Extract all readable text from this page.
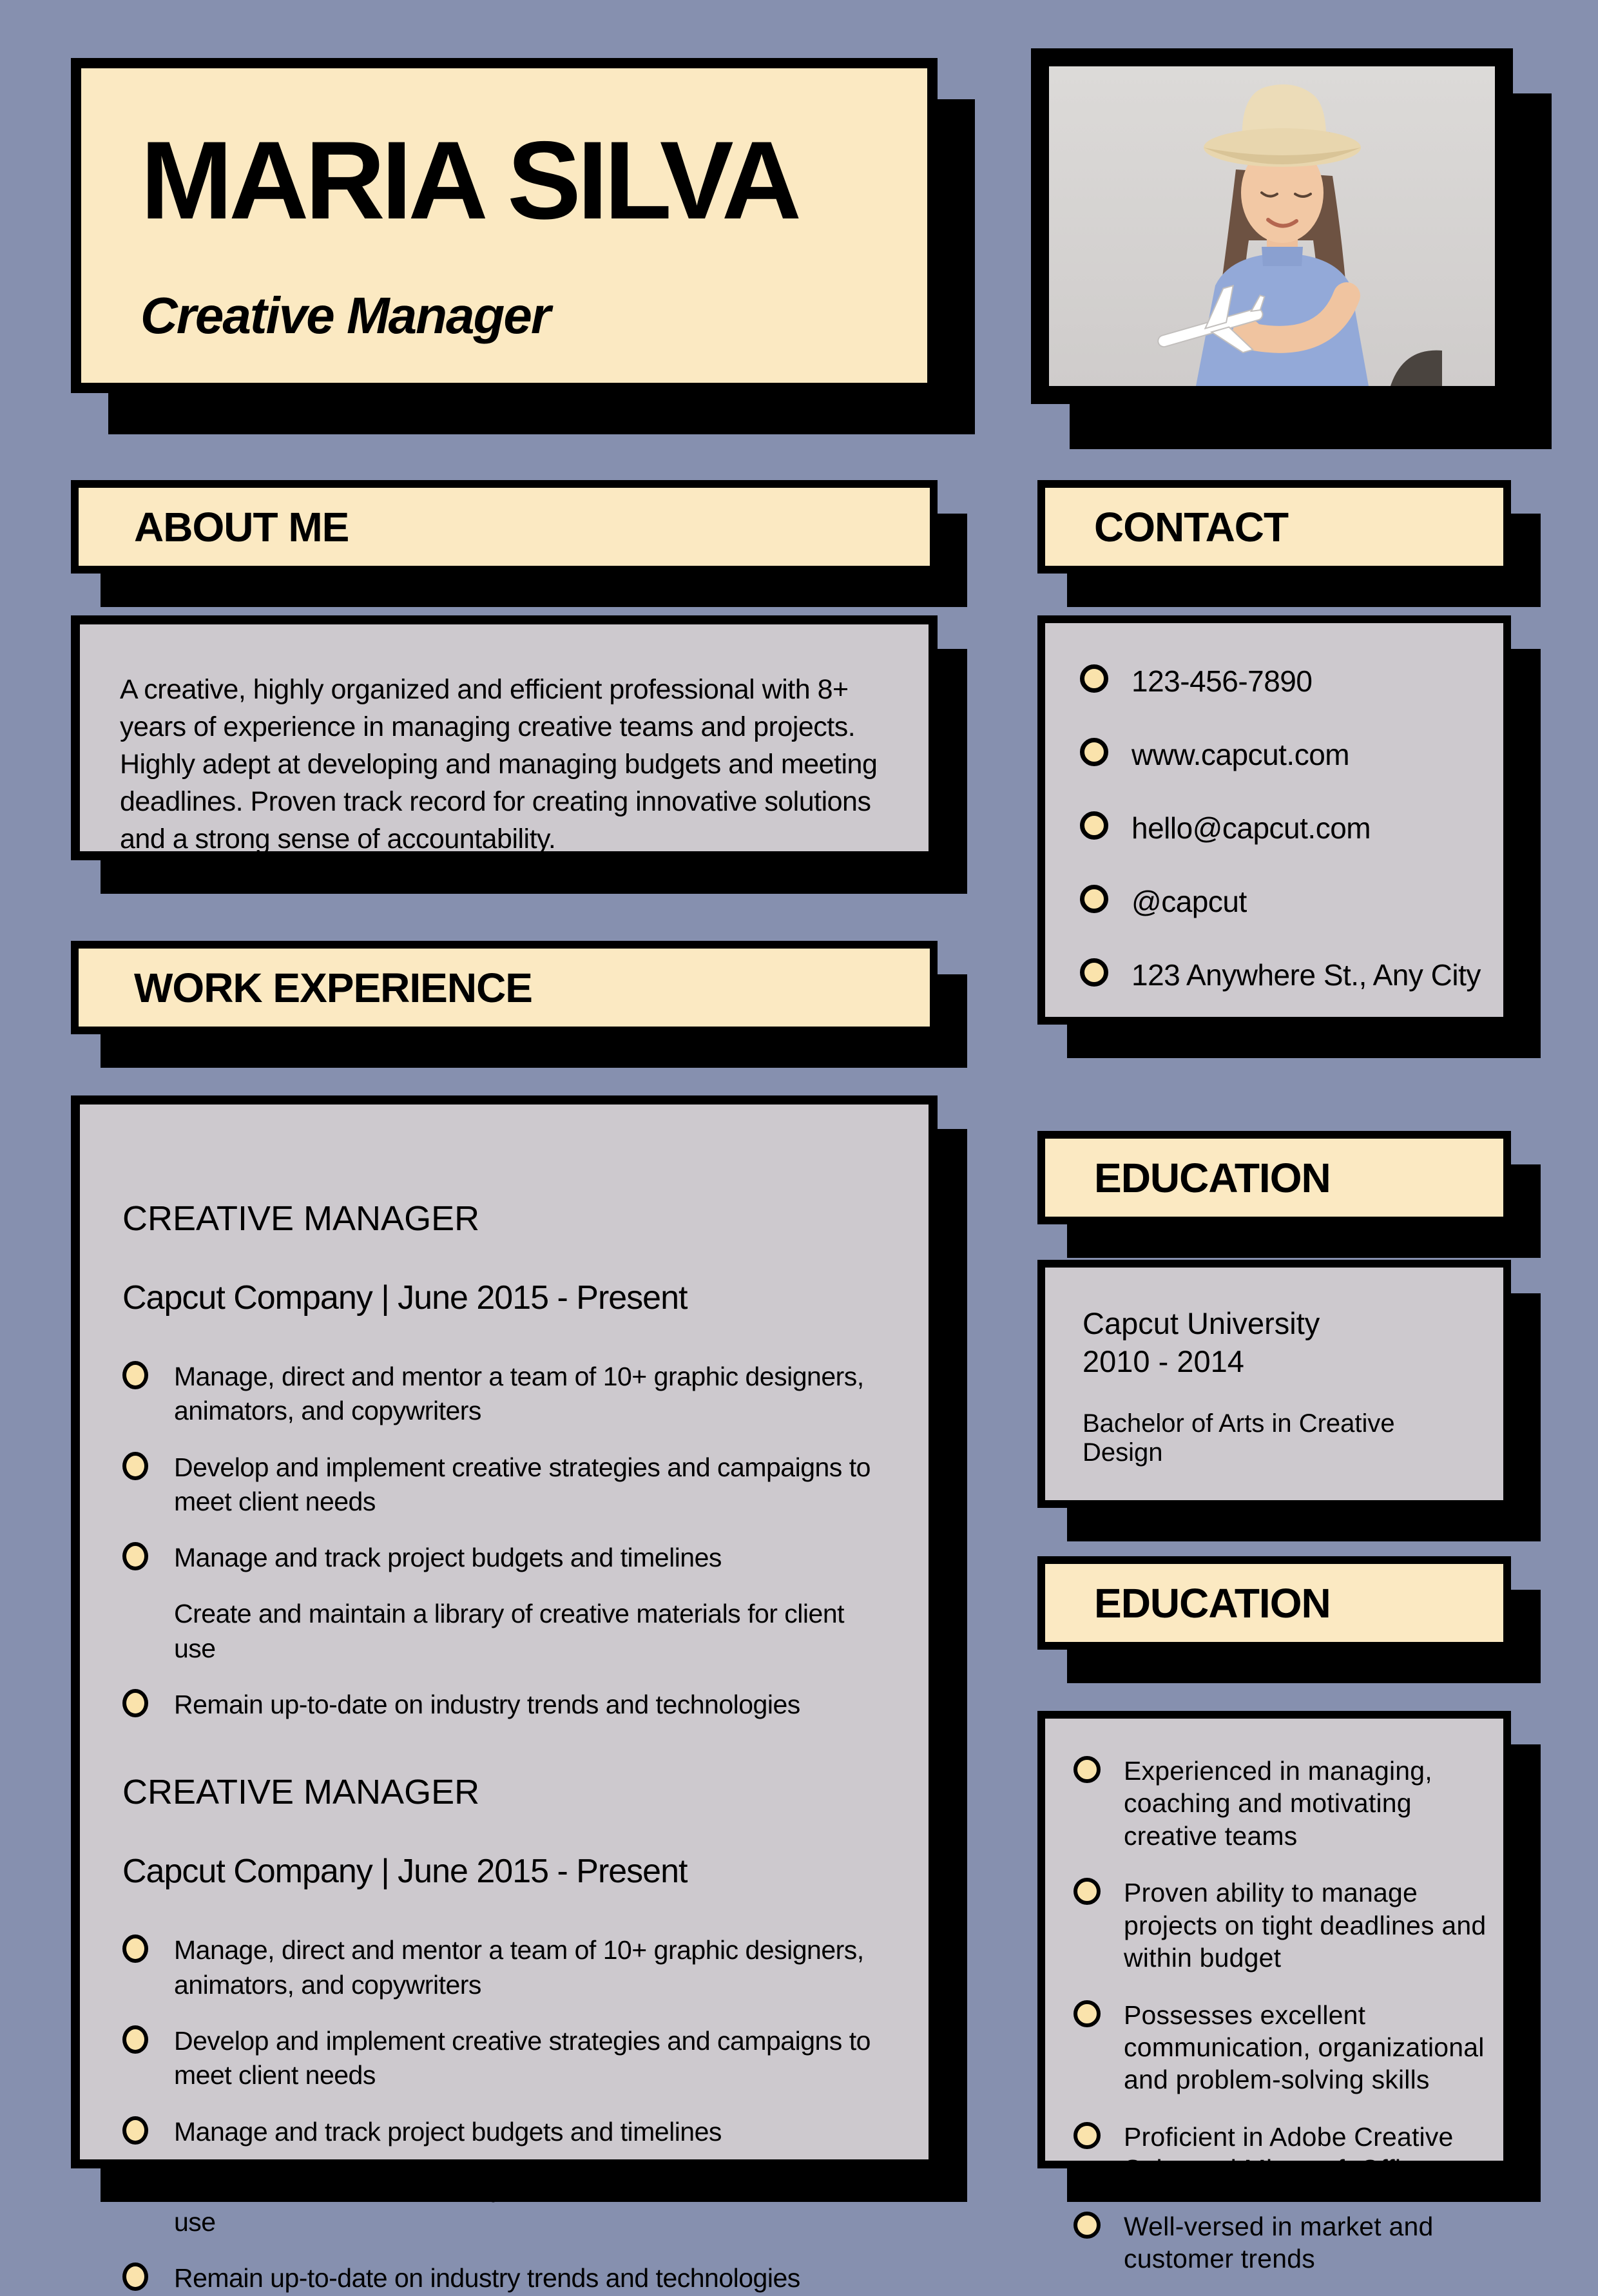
MARIA SILVA
Creative Manager
ABOUT ME	CONTACT
WORK EXPERIENCE
EDUCATION
EDUCATION

A creative, highly organized and efficient professional with 8+ years of experience in managing creative teams and projects. Highly adept at developing and managing budgets and meeting deadlines. Proven track record for creating innovative solutions and a strong sense of accountability.

123-456-7890
www.capcut.com
hello@capcut.com
@capcut
123 Anywhere St., Any City
CREATIVE MANAGER
Capcut Company | June 2015 - Present
Manage, direct and mentor a team of 10+ graphic designers, animators, and copywriters
Develop and implement creative strategies and campaigns to meet client needs
Manage and track project budgets and timelines
Create and maintain a library of creative materials for client use
Remain up-to-date on industry trends and technologies
CREATIVE MANAGER
Capcut Company | June 2015 - Present
Manage, direct and mentor a team of 10+ graphic designers, animators, and copywriters
Develop and implement creative strategies and campaigns to meet client needs
Manage and track project budgets and timelines
Create and maintain a library of creative materials for client use
Remain up-to-date on industry trends and technologies
Capcut University
2010 - 2014
Bachelor of Arts in Creative Design
Experienced in managing, coaching and motivating creative teams
Proven ability to manage projects on tight deadlines and within budget
Possesses excellent communication, organizational and problem-solving skills
Proficient in Adobe Creative Suite and Microsoft Office
Well-versed in market and customer trends
